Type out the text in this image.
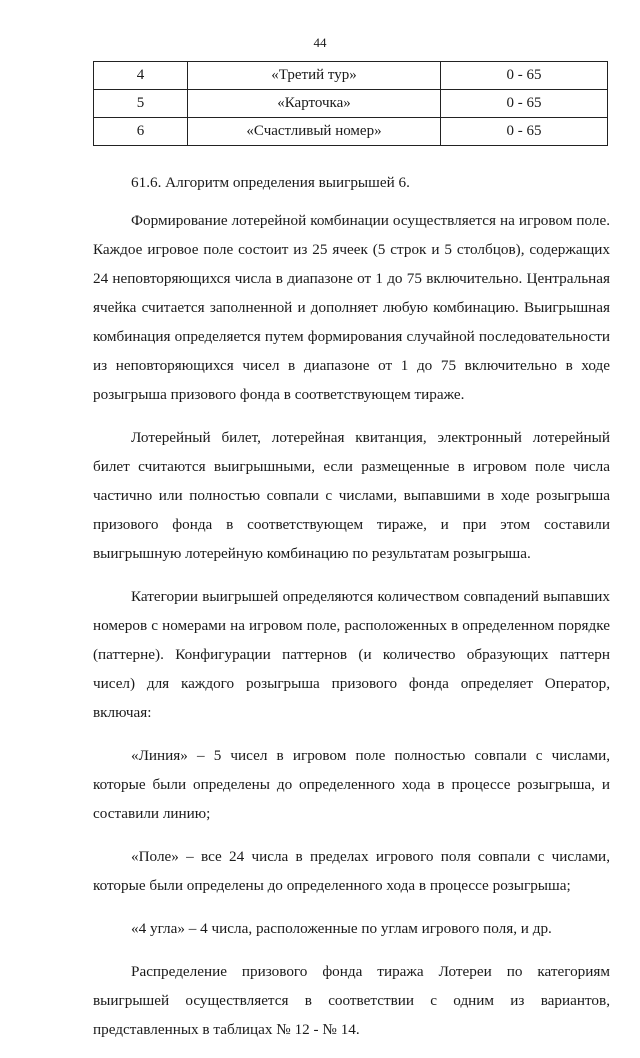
44
4	«Третий тур»	0 - 65
5	«Карточка»	0 - 65
6	«Счастливый номер»	0 - 65

61.6. Алгоритм определения выигрышей 6.

Формирование лотерейной комбинации осуществляется на игровом поле. Каждое игровое поле состоит из 25 ячеек (5 строк и 5 столбцов), содержащих 24 неповторяющихся числа в диапазоне от 1 до 75 включительно. Центральная ячейка считается заполненной и дополняет любую комбинацию. Выигрышная комбинация определяется путем формирования случайной последовательности из неповторяющихся чисел в диапазоне от 1 до 75 включительно в ходе розыгрыша призового фонда в соответствующем тираже.

Лотерейный билет, лотерейная квитанция, электронный лотерейный билет считаются выигрышными, если размещенные в игровом поле числа частично или полностью совпали с числами, выпавшими в ходе розыгрыша призового фонда в соответствующем тираже, и при этом составили выигрышную лотерейную комбинацию по результатам розыгрыша.

Категории выигрышей определяются количеством совпадений выпавших номеров с номерами на игровом поле, расположенных в определенном порядке (паттерне). Конфигурации паттернов (и количество образующих паттерн чисел) для каждого розыгрыша призового фонда определяет Оператор, включая:

«Линия» – 5 чисел в игровом поле полностью совпали с числами, которые были определены до определенного хода в процессе розыгрыша, и составили линию;

«Поле» – все 24 числа в пределах игрового поля совпали с числами, которые были определены до определенного хода в процессе розыгрыша;

«4 угла» – 4 числа, расположенные по углам игрового поля, и др.

Распределение призового фонда тиража Лотереи по категориям выигрышей осуществляется в соответствии с одним из вариантов, представленных в таблицах № 12 - № 14.
